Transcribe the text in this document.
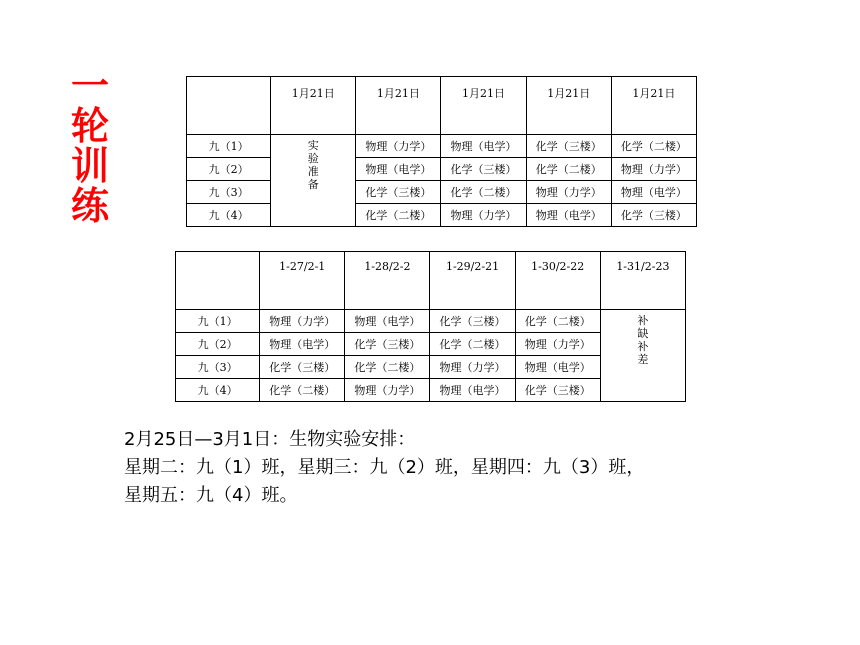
一
轮
训
练
	1月21日	1月21日	1月21日	1月21日	1月21日
九（1）	实
验
准
备	物理（力学）	物理（电学）	化学（三楼）	化学（二楼）
九（2）		物理（电学）	化学（三楼）	化学（二楼）	物理（力学）
九（3）		化学（三楼）	化学（二楼）	物理（力学）	物理（电学）
九（4）		化学（二楼）	物理（力学）	物理（电学）	化学（三楼）
	1-27/2-1	1-28/2-2	1-29/2-21	1-30/2-22	1-31/2-23
九（1）	物理（力学）	物理（电学）	化学（三楼）	化学（二楼）	补
缺
补
差

九（2）	物理（电学）	化学（三楼）	化学（二楼）	物理（力学）	
九（3）	化学（三楼）	化学（二楼）	物理（力学）	物理（电学）	
九（4）	化学（二楼）	物理（力学）	物理（电学）	化学（三楼）	
2月25日—3月1日：生物实验安排：
星期二：九（1）班，星期三：九（2）班，星期四：九（3）班，
星期五：九（4）班。
